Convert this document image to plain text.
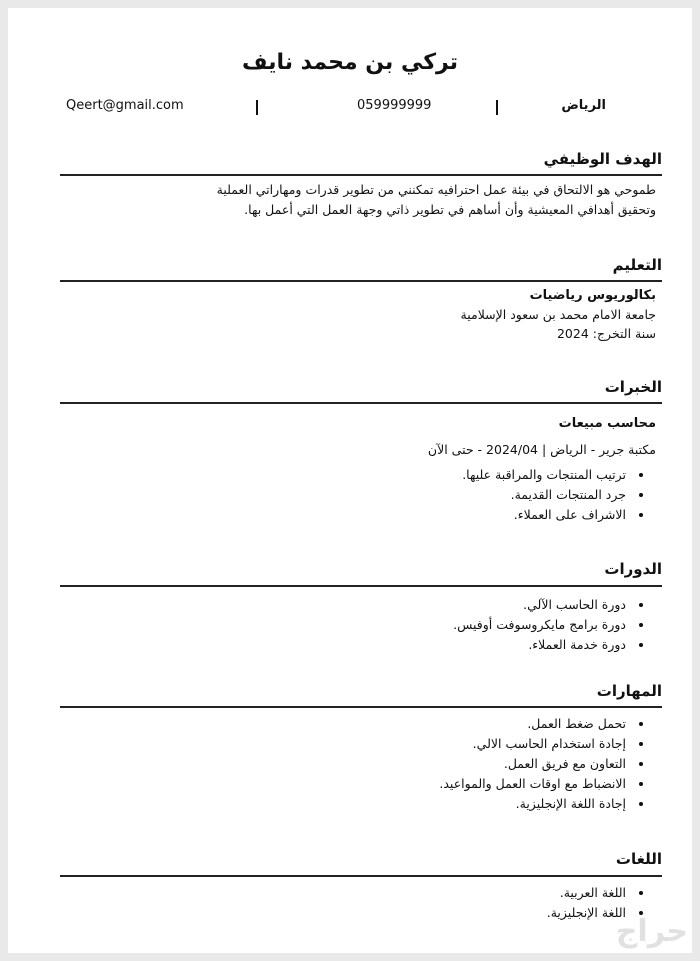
تركي بن محمد نايف
Qeert@gmail.com	059999999	الرياض
الهدف الوظيفي
طموحي هو الالتحاق في بيئة عمل احترافيه تمكنني من تطوير قدرات ومهاراتي العملية
وتحقيق أهدافي المعيشية وأن أساهم في تطوير ذاتي وجهة العمل التي أعمل بها.
التعليم
بكالوريوس رياضيات
جامعة الامام محمد بن سعود الإسلامية
سنة التخرج: 2024
الخبرات
محاسب مبيعات
مكتبة جرير - الرياض | 2024/04 - حتى الآن
• ترتيب المنتجات والمراقبة عليها.
• جرد المنتجات القديمة.
• الاشراف على العملاء.
الدورات
• دورة الحاسب الآلي.
• دورة برامج مايكروسوفت أوفيس.
• دورة خدمة العملاء.
المهارات
• تحمل ضغط العمل.
• إجادة استخدام الحاسب الالي.
• التعاون مع فريق العمل.
• الانضباط مع اوقات العمل والمواعيد.
• إجادة اللغة الإنجليزية.
اللغات
• اللغة العربية.
• اللغة الإنجليزية.
حراج
